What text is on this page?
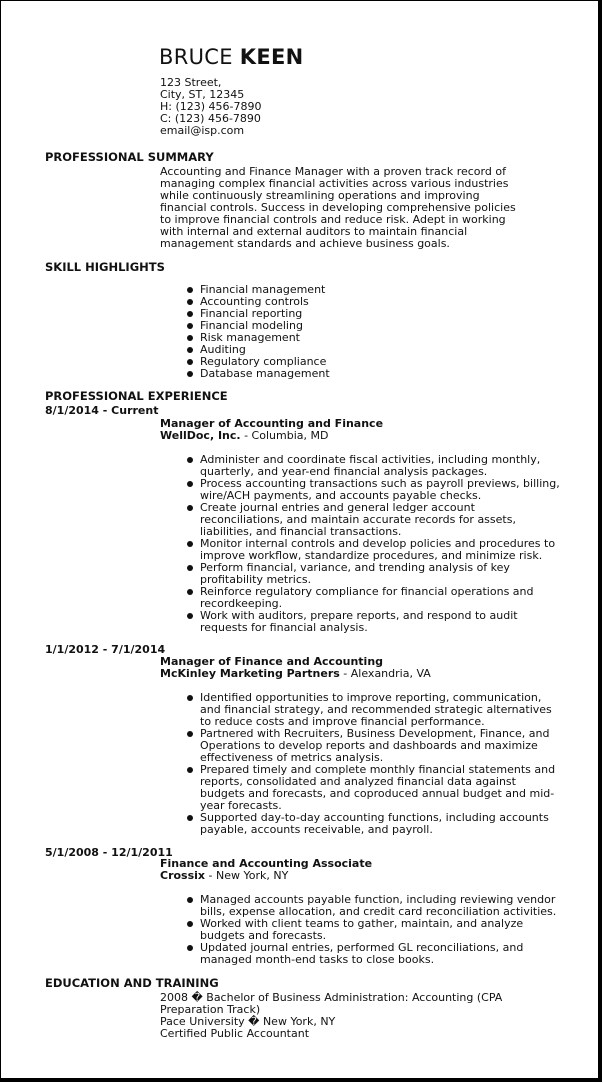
BRUCE KEEN
123 Street,
City, ST, 12345
H: (123) 456-7890
C: (123) 456-7890
email@isp.com
PROFESSIONAL SUMMARY
Accounting and Finance Manager with a proven track record of managing complex financial activities across various industries while continuously streamlining operations and improving financial controls. Success in developing comprehensive policies to improve financial controls and reduce risk. Adept in working with internal and external auditors to maintain financial management standards and achieve business goals.
SKILL HIGHLIGHTS
Financial management
Accounting controls
Financial reporting
Financial modeling
Risk management
Auditing
Regulatory compliance
Database management
PROFESSIONAL EXPERIENCE
8/1/2014 - Current
Manager of Accounting and Finance
WellDoc, Inc. - Columbia, MD
Administer and coordinate fiscal activities, including monthly, quarterly, and year-end financial analysis packages.
Process accounting transactions such as payroll previews, billing, wire/ACH payments, and accounts payable checks.
Create journal entries and general ledger account reconciliations, and maintain accurate records for assets, liabilities, and financial transactions.
Monitor internal controls and develop policies and procedures to improve workflow, standardize procedures, and minimize risk.
Perform financial, variance, and trending analysis of key profitability metrics.
Reinforce regulatory compliance for financial operations and recordkeeping.
Work with auditors, prepare reports, and respond to audit requests for financial analysis.
1/1/2012 - 7/1/2014
Manager of Finance and Accounting
McKinley Marketing Partners - Alexandria, VA
Identified opportunities to improve reporting, communication, and financial strategy, and recommended strategic alternatives to reduce costs and improve financial performance.
Partnered with Recruiters, Business Development, Finance, and Operations to develop reports and dashboards and maximize effectiveness of metrics analysis.
Prepared timely and complete monthly financial statements and reports, consolidated and analyzed financial data against budgets and forecasts, and coproduced annual budget and mid-year forecasts.
Supported day-to-day accounting functions, including accounts payable, accounts receivable, and payroll.
5/1/2008 - 12/1/2011
Finance and Accounting Associate
Crossix - New York, NY
Managed accounts payable function, including reviewing vendor bills, expense allocation, and credit card reconciliation activities.
Worked with client teams to gather, maintain, and analyze budgets and forecasts.
Updated journal entries, performed GL reconciliations, and managed month-end tasks to close books.
EDUCATION AND TRAINING
2008 � Bachelor of Business Administration: Accounting (CPA Preparation Track)
Pace University � New York, NY
Certified Public Accountant
